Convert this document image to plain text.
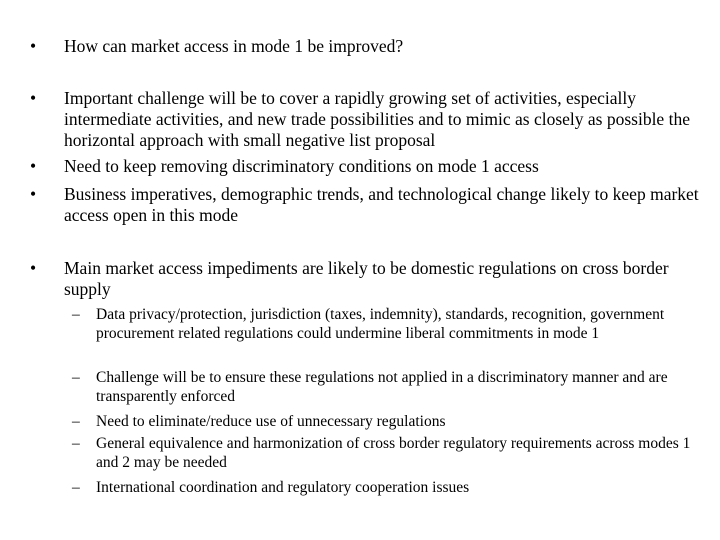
• How can market access in mode 1 be improved?
• Important challenge will be to cover a rapidly growing set of activities, especially intermediate activities, and new trade possibilities and to mimic as closely as possible the horizontal approach with small negative list proposal
• Need to keep removing discriminatory conditions on mode 1 access
• Business imperatives, demographic trends, and technological change likely to keep market access open in this mode
• Main market access impediments are likely to be domestic regulations on cross border supply
– Data privacy/protection, jurisdiction (taxes, indemnity), standards, recognition, government procurement related regulations could undermine liberal commitments in mode 1
– Challenge will be to ensure these regulations not applied in a discriminatory manner and are transparently enforced
– Need to eliminate/reduce use of unnecessary regulations
– General equivalence and harmonization of cross border regulatory requirements across modes 1 and 2 may be needed
– International coordination and regulatory cooperation issues
